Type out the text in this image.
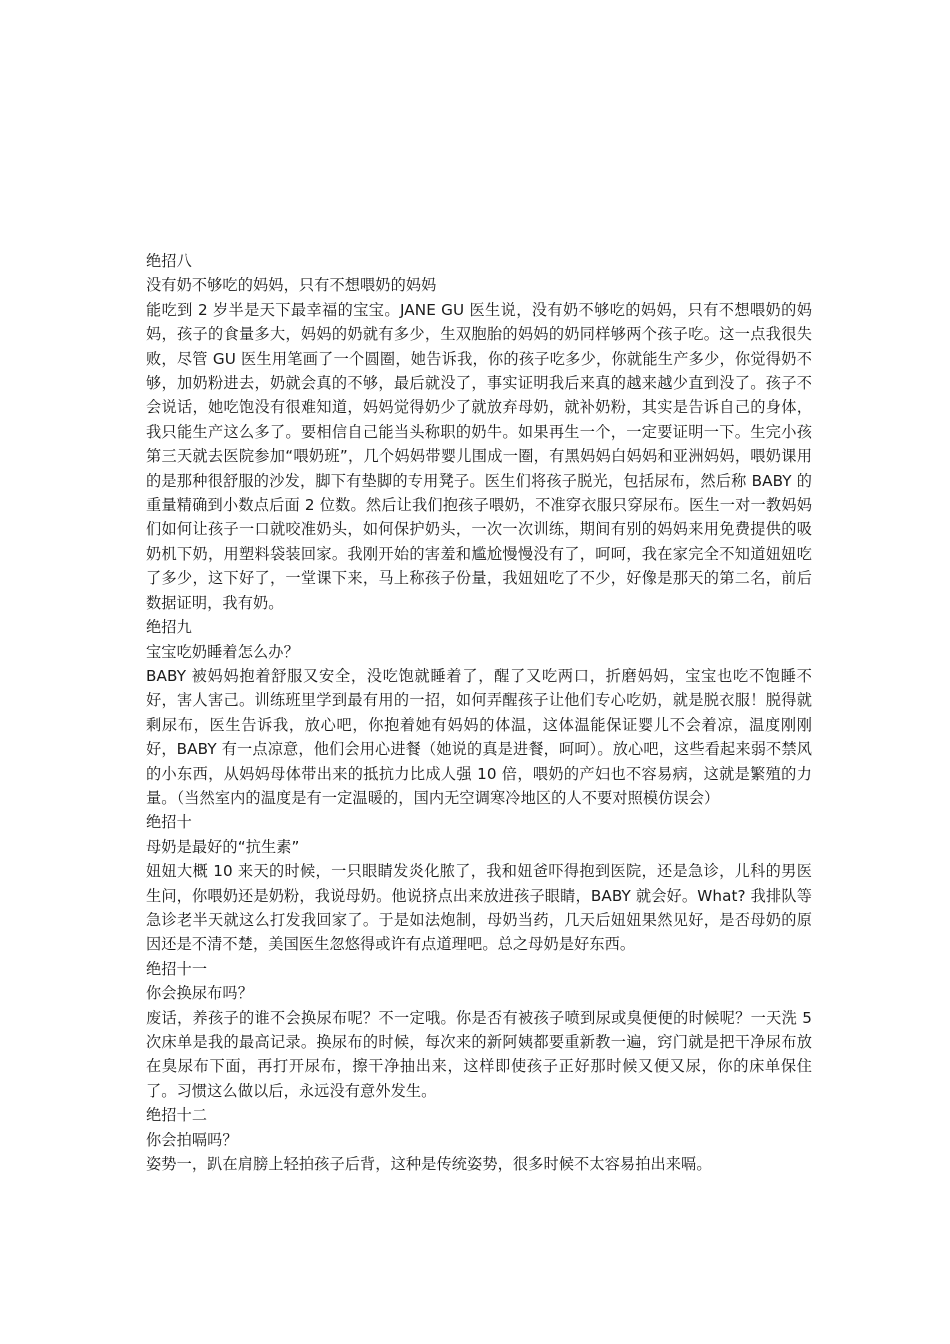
绝招八

没有奶不够吃的妈妈，只有不想喂奶的妈妈

能吃到 2 岁半是天下最幸福的宝宝。JANE GU 医生说，没有奶不够吃的妈妈，只有不想喂奶的妈妈，孩子的食量多大，妈妈的奶就有多少，生双胞胎的妈妈的奶同样够两个孩子吃。这一点我很失败，尽管 GU 医生用笔画了一个圆圈，她告诉我，你的孩子吃多少，你就能生产多少，你觉得奶不够，加奶粉进去，奶就会真的不够，最后就没了，事实证明我后来真的越来越少直到没了。孩子不会说话，她吃饱没有很难知道，妈妈觉得奶少了就放弃母奶，就补奶粉，其实是告诉自己的身体，我只能生产这么多了。要相信自己能当头称职的奶牛。如果再生一个，一定要证明一下。生完小孩第三天就去医院参加“喂奶班”，几个妈妈带婴儿围成一圈，有黑妈妈白妈妈和亚洲妈妈，喂奶课用的是那种很舒服的沙发，脚下有垫脚的专用凳子。医生们将孩子脱光，包括尿布，然后称 BABY 的重量精确到小数点后面 2 位数。然后让我们抱孩子喂奶，不准穿衣服只穿尿布。医生一对一教妈妈们如何让孩子一口就咬准奶头，如何保护奶头，一次一次训练，期间有别的妈妈来用免费提供的吸奶机下奶，用塑料袋装回家。我刚开始的害羞和尴尬慢慢没有了，呵呵，我在家完全不知道妞妞吃了多少，这下好了，一堂课下来，马上称孩子份量，我妞妞吃了不少，好像是那天的第二名，前后数据证明，我有奶。

绝招九

宝宝吃奶睡着怎么办？

BABY 被妈妈抱着舒服又安全，没吃饱就睡着了，醒了又吃两口，折磨妈妈，宝宝也吃不饱睡不好，害人害己。训练班里学到最有用的一招，如何弄醒孩子让他们专心吃奶，就是脱衣服！脱得就剩尿布，医生告诉我，放心吧，你抱着她有妈妈的体温，这体温能保证婴儿不会着凉，温度刚刚好，BABY 有一点凉意，他们会用心进餐（她说的真是进餐，呵呵）。放心吧，这些看起来弱不禁风的小东西，从妈妈母体带出来的抵抗力比成人强 10 倍，喂奶的产妇也不容易病，这就是繁殖的力量。（当然室内的温度是有一定温暖的，国内无空调寒冷地区的人不要对照模仿误会）

绝招十

母奶是最好的“抗生素”

妞妞大概 10 来天的时候，一只眼睛发炎化脓了，我和妞爸吓得抱到医院，还是急诊，儿科的男医生问，你喂奶还是奶粉，我说母奶。他说挤点出来放进孩子眼睛，BABY 就会好。What? 我排队等急诊老半天就这么打发我回家了。于是如法炮制，母奶当药，几天后妞妞果然见好，是否母奶的原因还是不清不楚，美国医生忽悠得或许有点道理吧。总之母奶是好东西。

绝招十一

你会换尿布吗？

废话，养孩子的谁不会换尿布呢？不一定哦。你是否有被孩子喷到尿或臭便便的时候呢？一天洗 5 次床单是我的最高记录。换尿布的时候，每次来的新阿姨都要重新教一遍，窍门就是把干净尿布放在臭尿布下面，再打开尿布，擦干净抽出来，这样即使孩子正好那时候又便又尿，你的床单保住了。习惯这么做以后，永远没有意外发生。

绝招十二

你会拍嗝吗？

姿势一，趴在肩膀上轻拍孩子后背，这种是传统姿势，很多时候不太容易拍出来嗝。
